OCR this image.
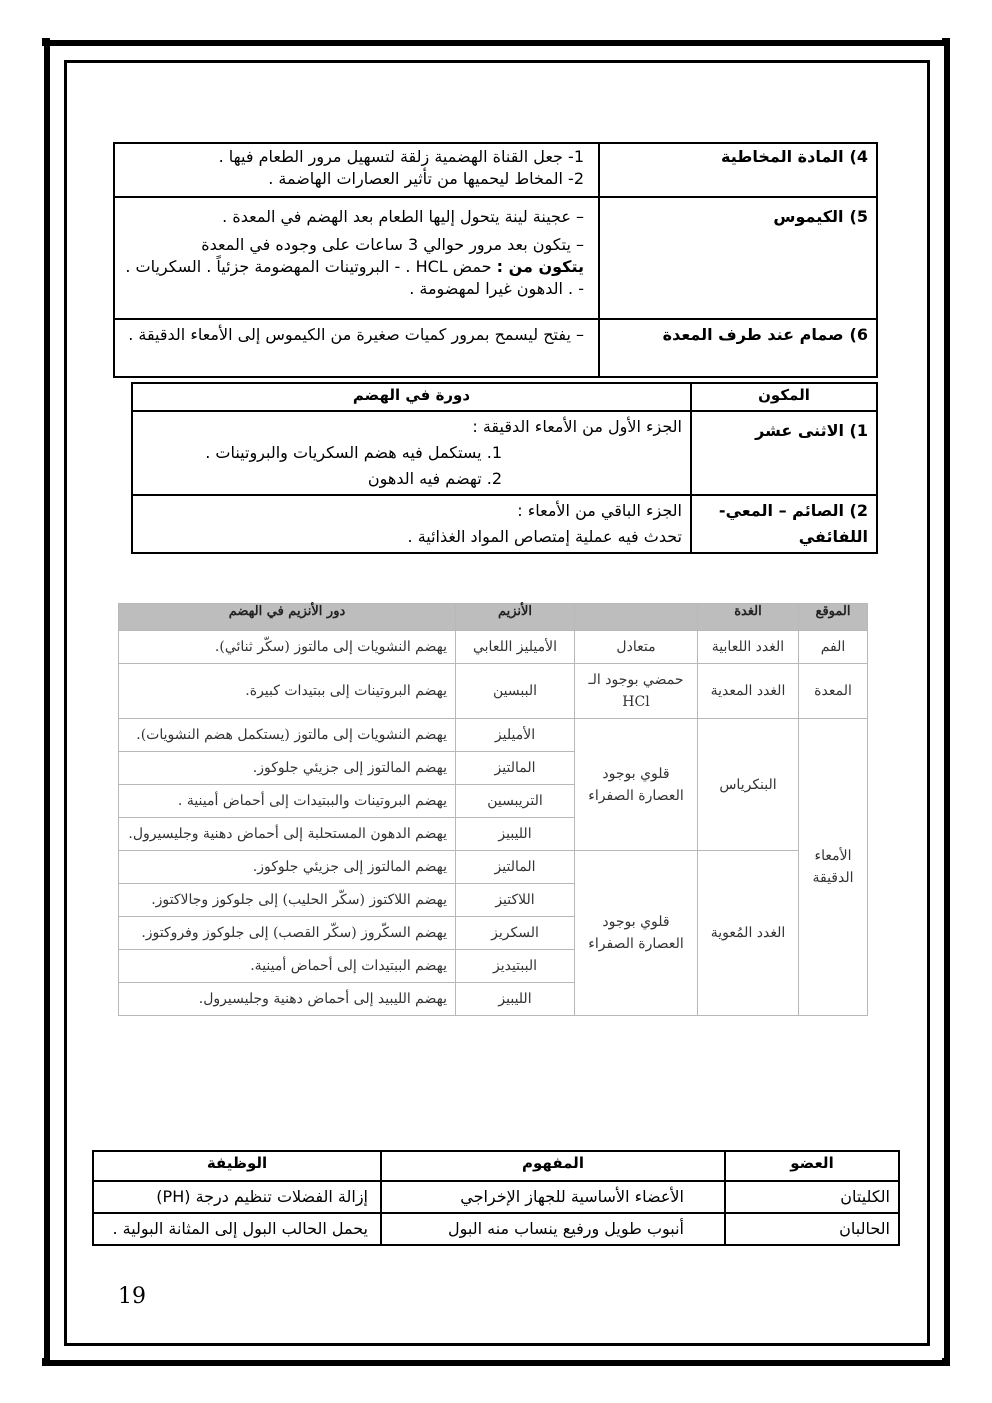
4)المادة المخاطية	1- جعل القناة الهضمية زلقة لتسهيل مرور الطعام فيها .
2- المخاط ليحميها من تأثير العصارات الهاضمة .

5)الكيموس	– عجينة لينة يتحول إليها الطعام بعد الهضم في المعدة .
– يتكون بعد مرور حوالي 3 ساعات على وجوده في المعدة
يتكون من : حمض HCL . - البروتينات المهضومة جزئياً . السكريات . - . الدهون غيرا لمهضومة .

6)صمام عند طرف المعدة	– يفتح ليسمح بمرور كميات صغيرة من الكيموس إلى الأمعاء الدقيقة .
المكون	دورة في الهضم
1) الاثنى عشر	الجزء الأول من الأمعاء الدقيقة :
1. يستكمل فيه هضم السكريات والبروتينات .
2. تهضم فيه الدهون

2) الصائم – المعي- اللفائفي	الجزء الباقي من الأمعاء :
تحدث فيه عملية إمتصاص المواد الغذائية .
الموقع	الغدة		الأنزيم	دور الأنزيم في الهضم
الفم	الغدد اللعابية	متعادل	الأميليز اللعابي	يهضم النشويات إلى مالتوز (سكّر ثنائي).
المعدة	الغدد المعدية	حمضي بوجود الـ HCl	الببسين	يهضم البروتينات إلى ببتيدات كبيرة.
الأمعاء الدقيقة	البنكرياس	قلوي بوجود العصارة الصفراء	الأميليز	يهضم النشويات إلى مالتوز (يستكمل هضم النشويات).
			المالتيز	يهضم المالتوز إلى جزيئي جلوكوز.
			التريبسين	يهضم البروتينات والببتيدات إلى أحماض أمينية .
			الليبيز	يهضم الدهون المستحلبة إلى أحماض دهنية وجليسيرول.
	الغدد المُعوية	قلوي بوجود العصارة الصفراء	المالتيز	يهضم المالتوز إلى جزيئي جلوكوز.
			اللاكتيز	يهضم اللاكتوز (سكّر الحليب) إلى جلوكوز وجالاكتوز.
			السكريز	يهضم السكّروز (سكّر القصب) إلى جلوكوز وفروكتوز.
			الببتيديز	يهضم الببتيدات إلى أحماض أمينية.
			الليبيز	يهضم الليبيد إلى أحماض دهنية وجليسيرول.
العضو	المفهوم	الوظيفة
الكليتان	الأعضاء الأساسية للجهاز الإخراجي	إزالة الفضلات تنظيم درجة (PH)
الحالبان	أنبوب طويل ورفيع ينساب منه البول	يحمل الحالب البول إلى المثانة البولية .
19
